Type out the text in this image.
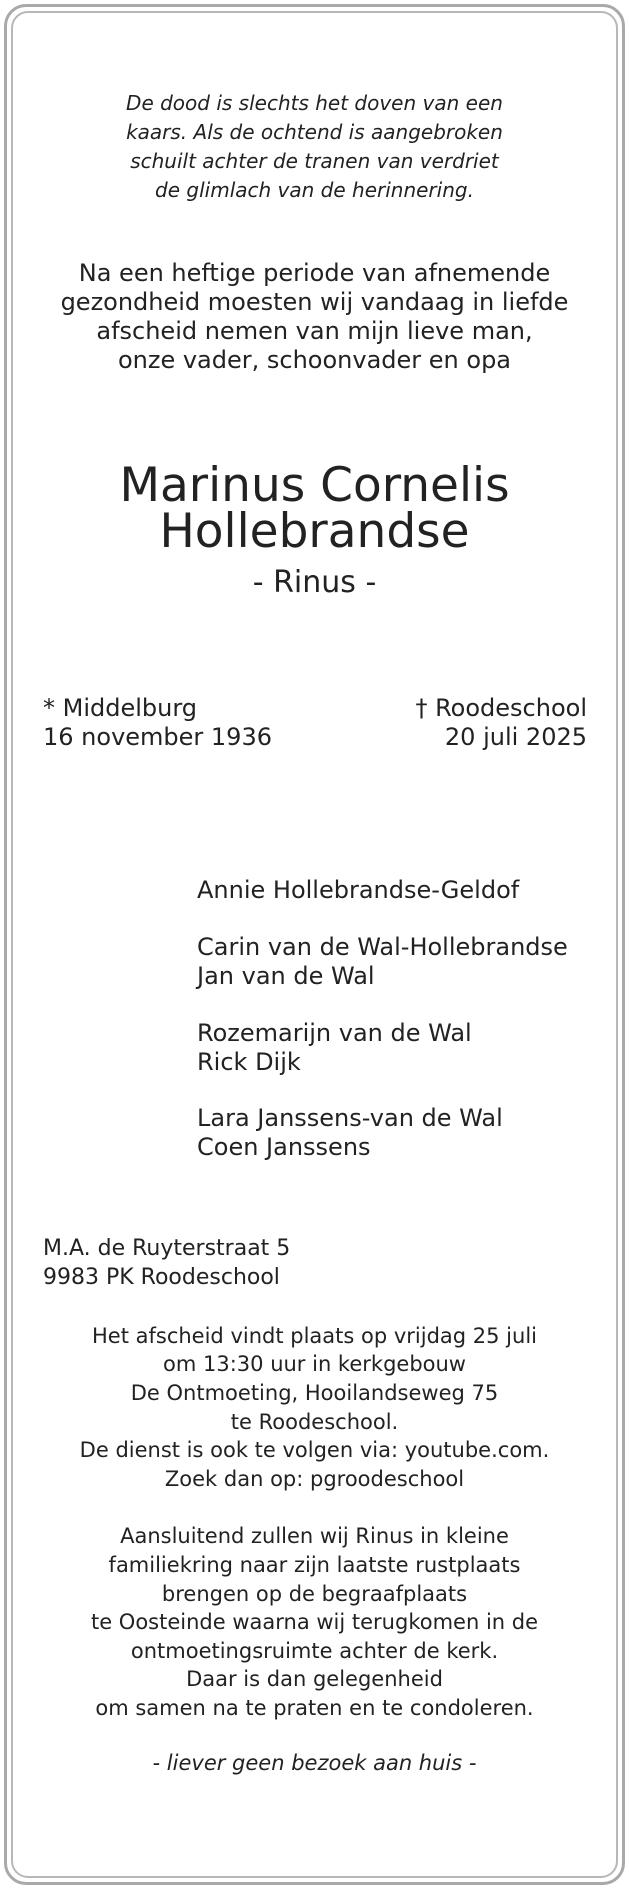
De dood is slechts het doven van een
kaars. Als de ochtend is aangebroken
schuilt achter de tranen van verdriet
de glimlach van de herinnering.
Na een heftige periode van afnemende
gezondheid moesten wij vandaag in liefde
afscheid nemen van mijn lieve man,
onze vader, schoonvader en opa
Marinus Cornelis
Hollebrandse
- Rinus -
* Middelburg
16 november 1936
† Roodeschool
20 juli 2025
Annie Hollebrandse-Geldof
Carin van de Wal-Hollebrandse
Jan van de Wal
Rozemarijn van de Wal
Rick Dijk
Lara Janssens-van de Wal
Coen Janssens
M.A. de Ruyterstraat 5
9983 PK Roodeschool
Het afscheid vindt plaats op vrijdag 25 juli
om 13:30 uur in kerkgebouw
De Ontmoeting, Hooilandseweg 75
te Roodeschool.
De dienst is ook te volgen via: youtube.com.
Zoek dan op: pgroodeschool
Aansluitend zullen wij Rinus in kleine
familiekring naar zijn laatste rustplaats
brengen op de begraafplaats
te Oosteinde waarna wij terugkomen in de
ontmoetingsruimte achter de kerk.
Daar is dan gelegenheid
om samen na te praten en te condoleren.
- liever geen bezoek aan huis -
